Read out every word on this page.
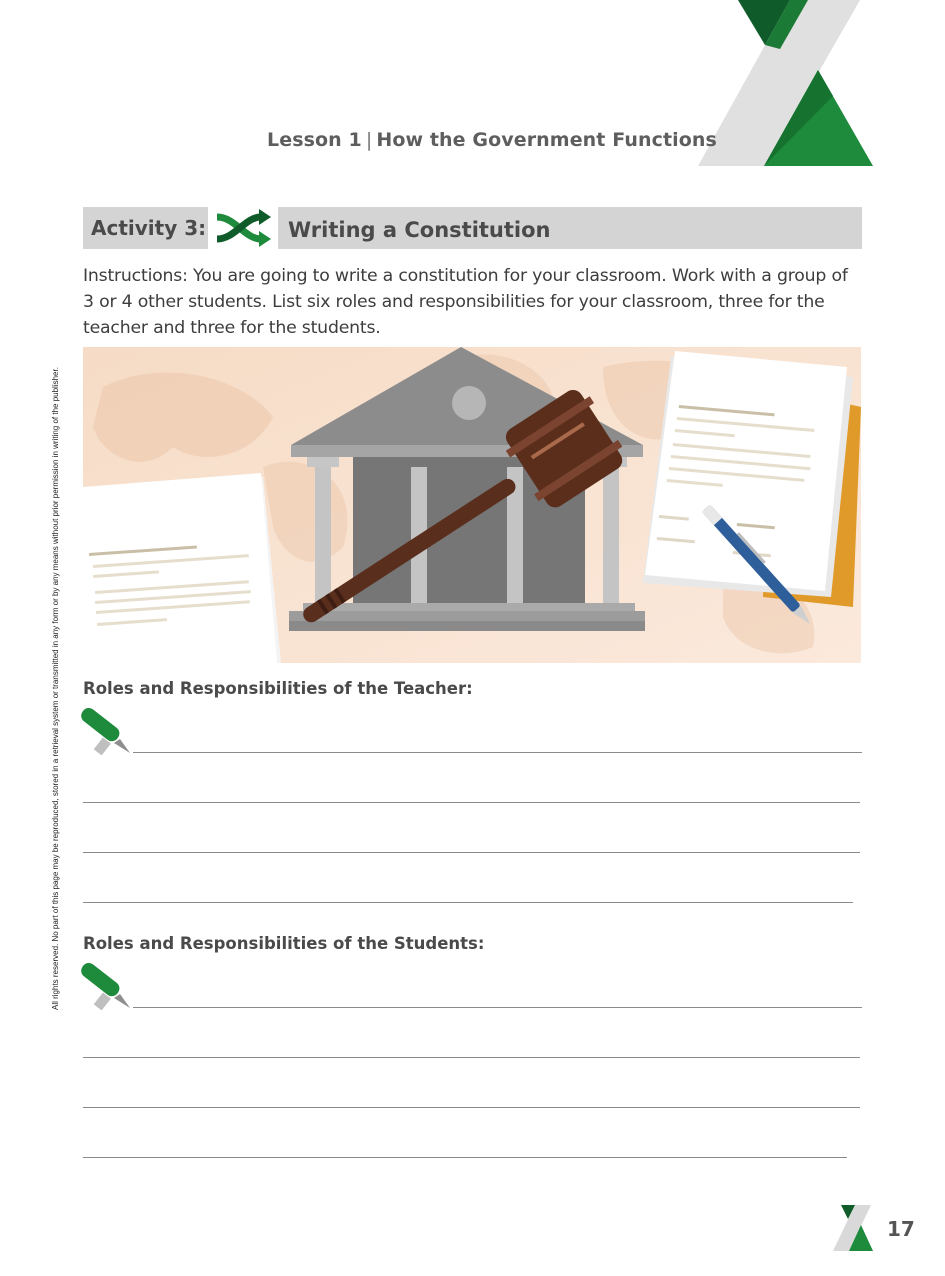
Lesson 1 | How the Government Functions
Activity 3:	Writing a Constitution

Instructions: You are going to write a constitution for your classroom. Work with a group of 3 or 4 other students. List six roles and responsibilities for your classroom, three for the teacher and three for the students.

Roles and Responsibilities of the Teacher:
Roles and Responsibilities of the Students:
All rights reserved. No part of this page may be reproduced, stored in a retrieval system or transmitted in any form or by any means without prior permission in writing of the publisher.
17
